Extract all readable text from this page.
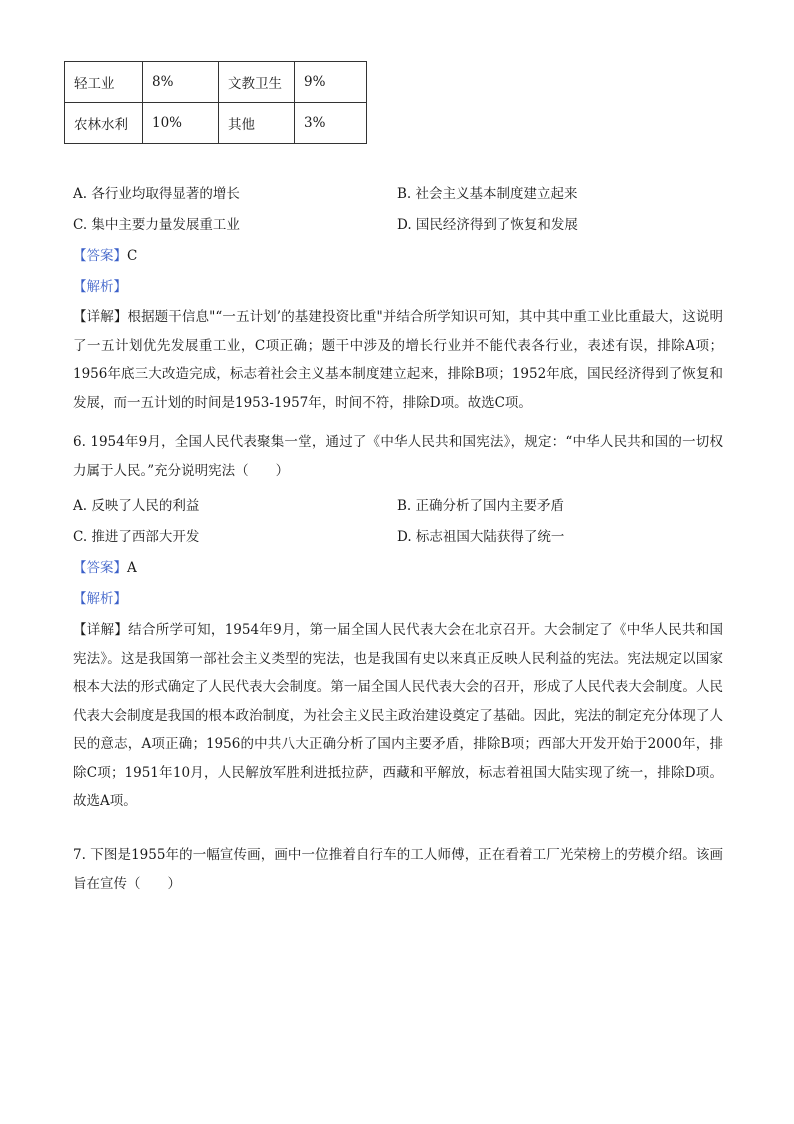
轻工业	8%	文教卫生	9%
农林水利	10%	其他	3%
A. 各行业均取得显著的增长	B. 社会主义基本制度建立起来
C. 集中主要力量发展重工业	D. 国民经济得到了恢复和发展
【答案】C
【解析】
【详解】根据题干信息"“一五计划’的基建投资比重"并结合所学知识可知，其中其中重工业比重最大，这说明了一五计划优先发展重工业，C项正确；题干中涉及的增长行业并不能代表各行业，表述有误，排除A项；1956年底三大改造完成，标志着社会主义基本制度建立起来，排除B项；1952年底，国民经济得到了恢复和发展，而一五计划的时间是1953-1957年，时间不符，排除D项。故选C项。
6. 1954年9月，全国人民代表聚集一堂，通过了《中华人民共和国宪法》，规定：“中华人民共和国的一切权力属于人民。”充分说明宪法（　　）
A. 反映了人民的利益	B. 正确分析了国内主要矛盾
C. 推进了西部大开发	D. 标志祖国大陆获得了统一
【答案】A
【解析】
【详解】结合所学可知，1954年9月，第一届全国人民代表大会在北京召开。大会制定了《中华人民共和国宪法》。这是我国第一部社会主义类型的宪法，也是我国有史以来真正反映人民利益的宪法。宪法规定以国家根本大法的形式确定了人民代表大会制度。第一届全国人民代表大会的召开，形成了人民代表大会制度。人民代表大会制度是我国的根本政治制度，为社会主义民主政治建设奠定了基础。因此，宪法的制定充分体现了人民的意志，A项正确；1956的中共八大正确分析了国内主要矛盾，排除B项；西部大开发开始于2000年，排除C项；1951年10月，人民解放军胜利进抵拉萨，西藏和平解放，标志着祖国大陆实现了统一，排除D项。故选A项。
7. 下图是1955年的一幅宣传画，画中一位推着自行车的工人师傅，正在看着工厂光荣榜上的劳模介绍。该画旨在宣传（　　）
